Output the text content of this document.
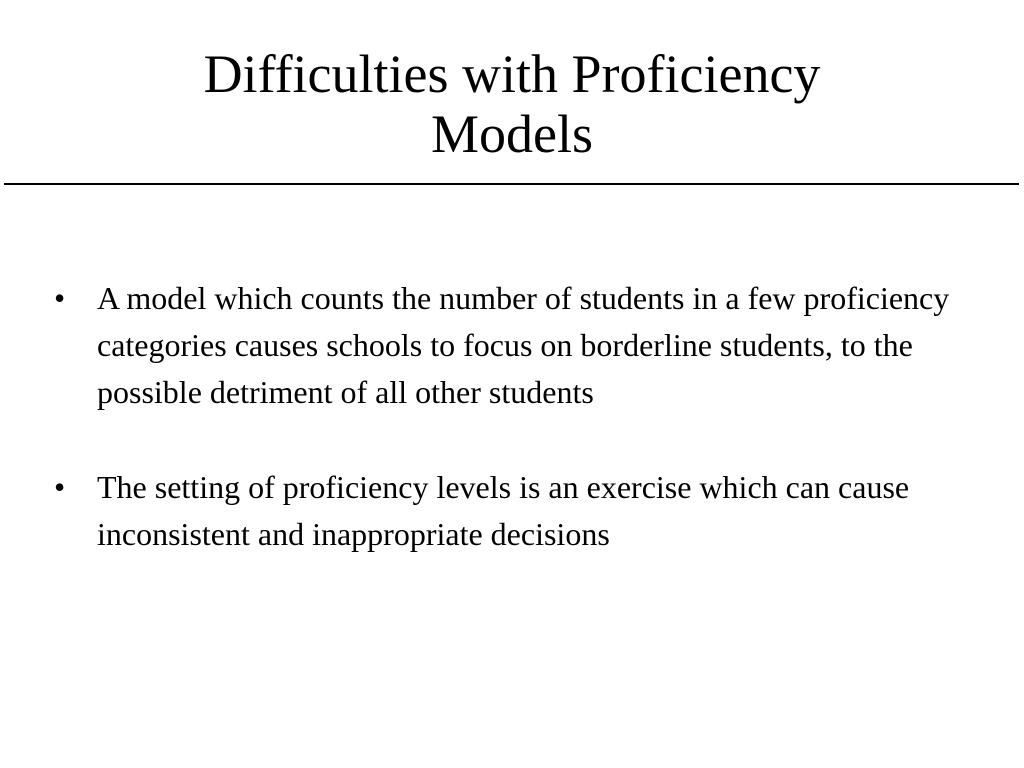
Difficulties with Proficiency
Models
• A model which counts the number of students in a few proficiency categories causes schools to focus on borderline students, to the possible detriment of all other students
• The setting of proficiency levels is an exercise which can cause inconsistent and inappropriate decisions
